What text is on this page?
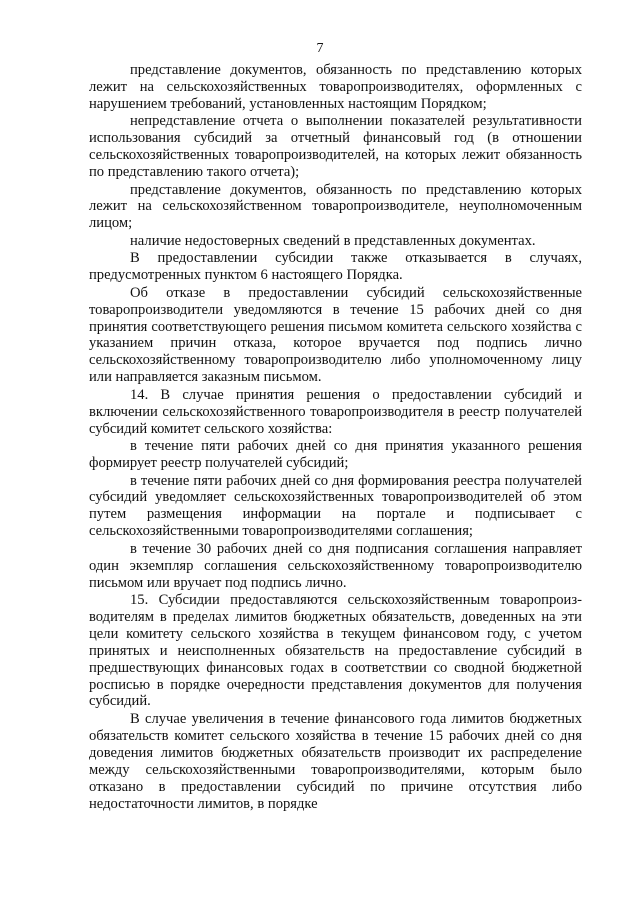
7

представление документов, обязанность по представлению которых лежит на сельскохозяйственных товаропроизводителях, оформленных с нарушением требований, установленных настоящим Порядком;

непредставление отчета о выполнении показателей результативности использования субсидий за отчетный финансовый год (в отношении сельскохозяйственных товаропроизводителей, на которых лежит обязанность по представлению такого отчета);

представление документов, обязанность по представлению которых лежит на сельскохозяйственном товаропроизводителе, неуполномоченным лицом;

наличие недостоверных сведений в представленных документах.

В предоставлении субсидии также отказывается в случаях, предусмотренных пунктом 6 настоящего Порядка.

Об отказе в предоставлении субсидий сельскохозяйственные товаропроизводители уведомляются в течение 15 рабочих дней со дня принятия соответствующего решения письмом комитета сельского хозяйства с указанием причин отказа, которое вручается под подпись лично сельскохозяйственному товаропроизводителю либо уполномоченному лицу или направляется заказным письмом.

14. В случае принятия решения о предоставлении субсидий и включении сельскохозяйственного товаропроизводителя в реестр получателей субсидий комитет сельского хозяйства:

в течение пяти рабочих дней со дня принятия указанного решения формирует реестр получателей субсидий;

в течение пяти рабочих дней со дня формирования реестра получателей субсидий уведомляет сельскохозяйственных товаропроизводителей об этом путем размещения информации на портале и подписывает с сельскохозяйственными товаропроизводителями соглашения;

в течение 30 рабочих дней со дня подписания соглашения направляет один экземпляр соглашения сельскохозяйственному товаропроизводителю письмом или вручает под подпись лично.

15. Субсидии предоставляются сельскохозяйственным товаропроизводителям в пределах лимитов бюджетных обязательств, доведенных на эти цели комитету сельского хозяйства в текущем финансовом году, с учетом принятых и неисполненных обязательств на предоставление субсидий в предшествующих финансовых годах в соответствии со сводной бюджетной росписью в порядке очередности представления документов для получения субсидий.

В случае увеличения в течение финансового года лимитов бюджетных обязательств комитет сельского хозяйства в течение 15 рабочих дней со дня доведения лимитов бюджетных обязательств производит их распределение между сельскохозяйственными товаропроизводителями, которым было отказано в предоставлении субсидий по причине отсутствия либо недостаточности лимитов, в порядке
